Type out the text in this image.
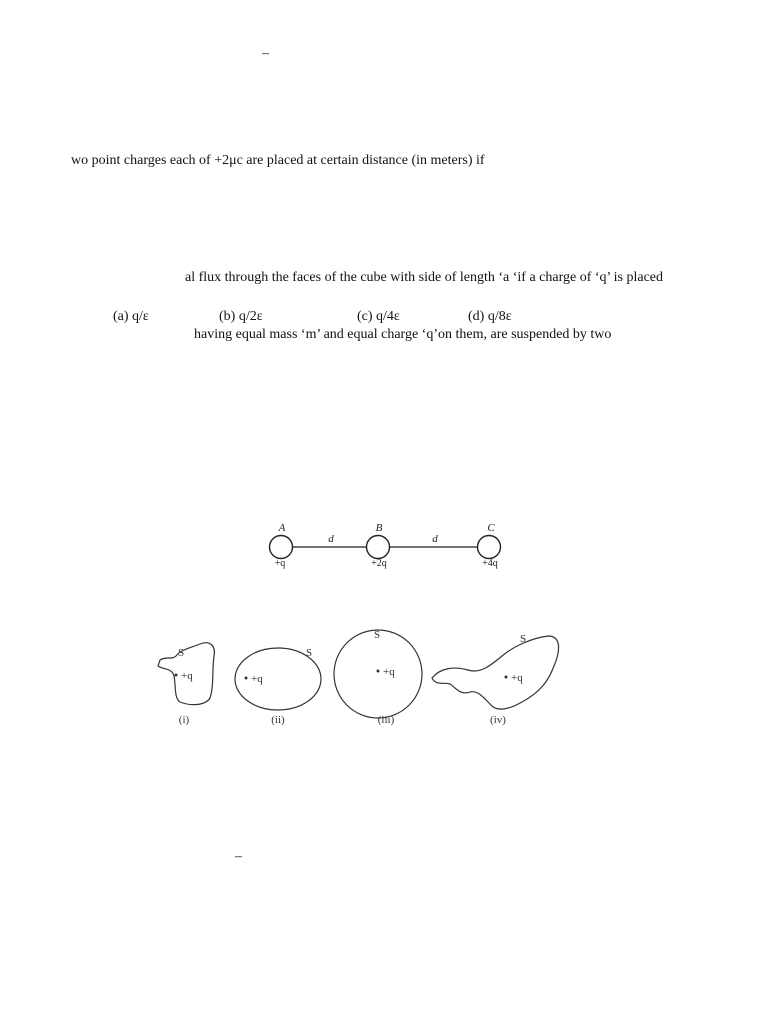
–
wo point charges each of +2μc are placed at certain distance (in meters) if
al flux through the faces of the cube with side of length ‘a ‘if a charge of ‘q’ is placed
(a) q/ε	(b) q/2ε	(c) q/4ε	(d) q/8ε
having equal mass ‘m’ and equal charge ‘q’on them, are suspended by two
A	B	C
d	d
+q	+2q	+4q
S
+q
(i)
S
+q
(ii)
S
+q
(iii)
S
+q
(iv)
–
